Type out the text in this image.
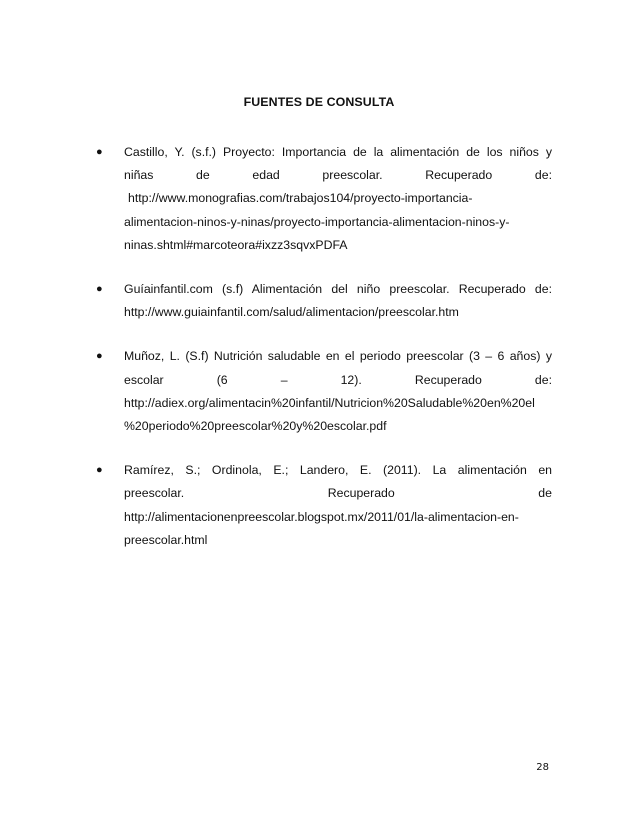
FUENTES DE CONSULTA
●	Castillo, Y. (s.f.) Proyecto: Importancia de la alimentación de los niños y
niñas de edad preescolar. Recuperado de:
http://www.monografias.com/trabajos104/proyecto-importancia-
alimentacion-ninos-y-ninas/proyecto-importancia-alimentacion-ninos-y-
ninas.shtml#marcoteora#ixzz3sqvxPDFA
●	Guíainfantil.com (s.f) Alimentación del niño preescolar. Recuperado de:
http://www.guiainfantil.com/salud/alimentacion/preescolar.htm
●	Muñoz, L. (S.f) Nutrición saludable en el periodo preescolar (3 – 6 años) y
escolar (6 – 12). Recuperado de:
http://adiex.org/alimentacin%20infantil/Nutricion%20Saludable%20en%20el
%20periodo%20preescolar%20y%20escolar.pdf
●	Ramírez, S.; Ordinola, E.; Landero, E. (2011). La alimentación en
preescolar. Recuperado de
http://alimentacionenpreescolar.blogspot.mx/2011/01/la-alimentacion-en-
preescolar.html
28
